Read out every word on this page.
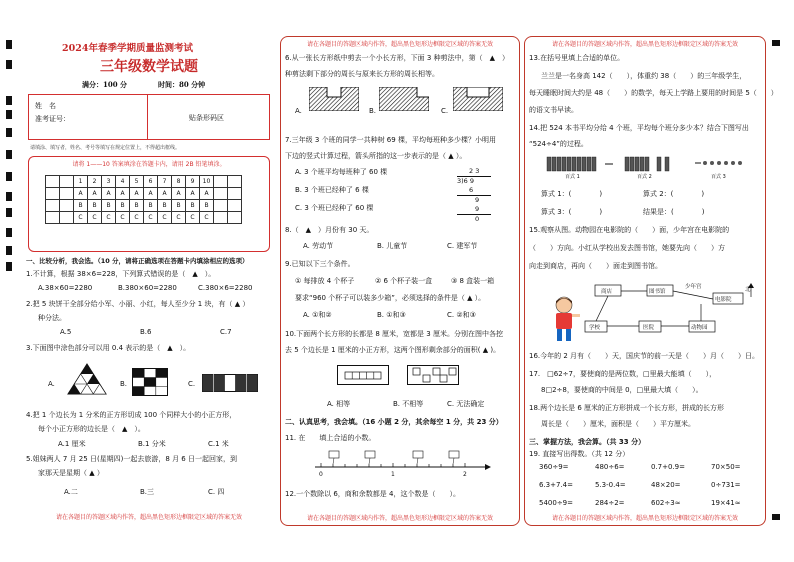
2024年春季学期质量监测考试
三年级数学试题
满分：100 分	时间：80 分钟
姓　名
准考证号：	贴条形码区
请填涂、填写者，姓名、考号等填写在规定位置上，不得超出框线。
请将 1——10 答案填涂在答题卡内，请用 2B 铅笔填涂。
		1	2	3	4	5	6	7	8	9	10		
		A	A	A	A	A	A	A	A	A	A		
		B	B	B	B	B	B	B	B	B	B		
		C	C	C	C	C	C	C	C	C	C		
一、比较分析，我会选。（10 分，请将正确选项在答题卡内填涂相应的选项）
1.不计算，根据 38×6=228，下列算式错误的是（　▲　）。
A.38×60=2280	B.380×60=2280	C.380×6=2280
2.把 5 块饼干全部分给小军、小丽、小红，每人至少分 1 块，有（ ▲ ）
种分法。
A.5	B.6	C.7
3.下面图中涂色部分可以用 0.4 表示的是（　▲　）。
A.	B.	C.
4.把 1 个边长为 1 分米的正方形切成 100 个同样大小的小正方形，
每个小正方形的边长是（　▲　）。
A.1 厘米	B.1 分米	C.1 米
5.姐妹两人 7 月 25 日(星期四)一起去旅游，8 月 6 日一起回家，到
家那天是星期（ ▲ ）
A.二	B.三	C. 四
请在各题目的答题区域内作答，超出黑色矩形边框限定区域的答案无效
请在各题目的答题区域内作答，超出黑色矩形边框限定区域的答案无效
6.从一张长方形纸中剪去一个小长方形，下面 3 种剪法中，第（　▲　）
种剪法剩下部分的周长与原来长方形的周长相等。
A.	B.	C.
7.三年级 3 个班的同学一共种树 69 棵，平均每班种多少棵？小明用
下边的竖式计算过程，箭头所指的这一步表示的是（ ▲ ）。
A. 3 个班平均每班种了 60 棵
B. 3 个班已经种了 6 棵
C. 3 个班已经种了 60 棵
2 3
3)6 9
6
9
9
0
8.（　▲　）月份有 30 天。
A. 劳动节	B. 儿童节	C. 建军节
9.已知以下三个条件。
① 每排放 4 个杯子	② 6 个杯子装一盒	③ 8 盒装一箱
要求“960 个杯子可以装多少箱”，必须选择的条件是（ ▲ ）。
A. ①和②	B. ①和③	C. ②和③
10.下面两个长方形的长都是 8 厘米，宽都是 3 厘米。分别在图中各挖
去 5 个边长是 1 厘米的小正方形，这两个图形剩余部分的面积( ▲ )。
A. 相等	B. 不相等	C. 无法确定
二、认真思考，我会填。（16 小题 2 分，其余每空 1 分，共 23 分）
11. 在　　填上合适的小数。
0	1	2
12.一个数除以 6，商和余数都是 4，这个数是（　　）。
请在各题目的答题区域内作答，超出黑色矩形边框限定区域的答案无效
请在各题目的答题区域内作答，超出黑色矩形边框限定区域的答案无效
13.在括号里填上合适的单位。
兰兰是一名身高 142（　　），体重约 38（　　）的三年级学生，
每天睡眠时间大约是 48（　　）的数学，每天上学路上要用的时间是 5（　　）
的语文书早读。
14.把 524 本书平均分给 4 个班，平均每个班分多少本？结合下图写出
“524÷4”的过程。
百式 1	百式 2	百式 3
算式 1：(　　　　)	算式 2：(　　　　)
算式 3：(　　　　)	结果是：(　　　　)
15.观察从图。动物园在电影院的（　　）面，少年宫在电影院的
（　　）方向。小红从学校出发去图书馆，她要先向（　　）方
向走到商店，再向（　　）面走到图书馆。
商店	图书馆
少年宫	北
学校
电影院
医院	动物园
16.今年的 2 月有（　　）天，国庆节的前一天是（　　）月（　　）日。
17.　□62÷7，要使商的是两位数，□里最大能填（　　），
8□2÷8，要使商的中间是 0，□里最大填（　　）。
18.两个边长是 6 厘米的正方形拼成一个长方形，拼成的长方形
周长是（　　）厘米，面积是（　　）平方厘米。
三、掌握方法，我会算。（共 33 分）
19. 直接写出得数。（共 12 分）
360÷9=	480÷6=	0.7+0.9=	70×50=
6.3+7.4=	5.3-0.4=	48×20=	0÷731=
5400÷9=	284÷2=	602÷3≈	19×41≈
请在各题目的答题区域内作答，超出黑色矩形边框限定区域的答案无效
